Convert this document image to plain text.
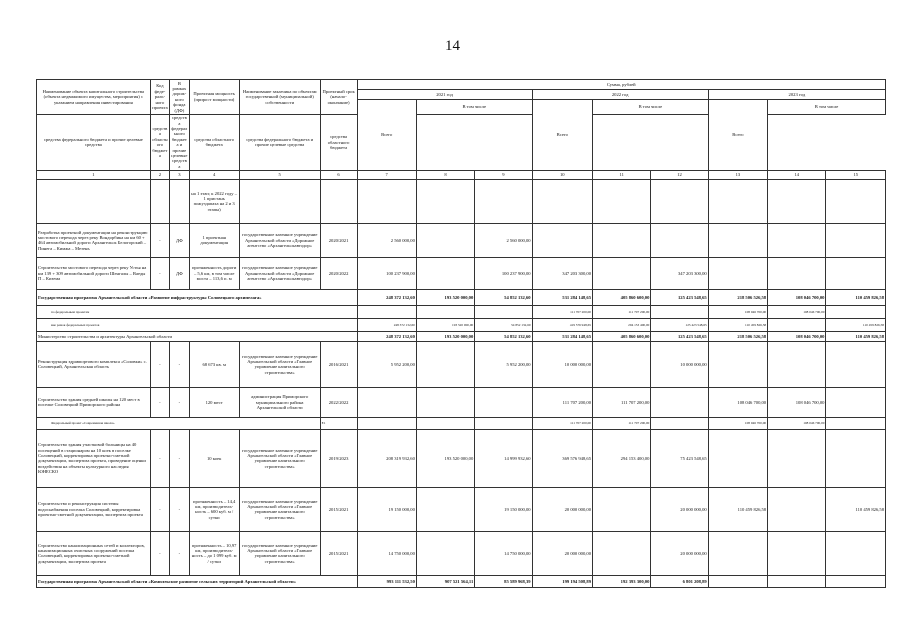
14
Наименование объекта капитального строительства (объекта недвижимого имущества, мероприятия) с указанием направления инвестирования	Код феде-раль-ного проекта	В рамках дорож-ного фонда (ДФ)	Проектная мощность (прирост мощности)	Наименование заказчика по объектам государственной (муниципальной) собственности	Проектный срок (начало-окончание)	Сумма, рублей								
						2021 год			2022 год			2023 год		
						Всего	В том числе		Всего	В том числе		Всего	В том числе	
средства федерального бюджета и прочие целевые средства	средства областного бюджета	средства федерального бюджета и прочие целевые средства	средства областного бюджета	средства федерального бюджета и прочие целевые средства	средства областного бюджета									
1	2	3	4	5	6	7	8	9	10	11	12	13	14	15
			на 1 этап; к 2022 году – 1 пристань пожуздапаха на 2 и 3 этапы)											
Разработка проектной документации на реконструкцию мостового перехода через реку Вондорбика на км 60 + 464 автомобильной дороги Архангельск Белогорский – Пинега – Кимжа – Мезень	-	ДФ	1 проектная документация	государственное казенное учреждение Архангельской области «Дорожное агентство «Архангельскавтодор»	2020/2021	2 560 000,00		2 560 000,00						
Строительство мостового перехода через реку Устья на км 139 + 309 автомобильной дороги Шенгалы – Ваеды П – Кизема	-	ДФ	протяженность дороги – 5,6 км, в том числе моста – 113,6 п. м	государственное казенное учреждение Архангельской области «Дорожное агентство «Архангельскавтодор»	2020/2022	100 237 900,00		100 237 900,00	347 203 300,00		347 203 300,00			
Государственная программа Архангельской области «Развитие инфраструктуры Соловецкого архипелага»						248 372 132,60	193 520 000,00	54 852 132,60	531 284 148,65	405 860 600,00	125 423 548,65	218 506 526,58	108 046 700,00	110 459 826,58
по федеральным проектам									111 707 200,00	111 707 200,00		108 046 700,00	108 046 700,00	
вне рамок федеральных проектов						248 372 132,60	193 520 000,00	54 852 132,60	419 576 948,65	294 153 400,00	125 423 548,65	110 459 826,58		110 459 826,58
Министерство строительства и архитектуры Архангельской области						248 372 132,60	193 520 000,00	54 852 132,60	531 284 148,65	405 860 600,00	125 423 548,65	218 506 526,58	108 046 700,00	110 459 826,58
Реконструкция здравпортового комплекса «Соловки» с. Соловецкий, Архангельская область	-	-	68 673 кв. м	государственное казенное учреждение Архангельской области «Главное управление капитального строительства»	2016/2021	5 952 200,00		5 952 200,00	10 000 000,00		10 000 000,00			
Строительство здания средней школы на 120 мест в поселке Соловецкий Приморского района	-	-	120 мест	администрация Приморского муниципального района Архангельской области	2022/2022				111 707 200,00	111 707 200,00		108 046 700,00	108 046 700,00	
Федеральный проект «Современная школа»					Е1				111 707 200,00	111 707 200,00		108 046 700,00	108 046 700,00	
Строительство здания участковой больницы на 40 посещений в стационаром на 10 коек в поселке Соловецкий, корректировка проектно-сметной документации, экспертиза проекта, проведение оценки воздействия на объекты культурного наследия ЮНЕСКО	-	-	10 коек	государственное казенное учреждение Архангельской области «Главное управление капитального строительства»	2019/2023	208 319 932,60	193 520 000,00	14 999 932,60	369 576 948,65	294 153 400,00	75 423 548,65			
Строительство и реконструкция системы водоснабжения поселка Соловецкий, корректировка проектно-сметной документации, экспертиза проекта	-	-	протяженность – 14,4 км, производитель-ность – 600 куб. м / сутки	государственное казенное учреждение Архангельской области «Главное управление капитального строительства»	2015/2021	19 150 000,00		19 150 000,00	20 000 000,00		20 000 000,00	110 459 826,58		110 459 826,58
Строительство канализационных сетей и коллекторов, канализационных очистных сооружений поселка Соловецкий, корректировка проектно-сметной документации, экспертиза проекта	-	-	протяженность – 10,97 км, производитель-ность – до 1 099 куб. м / сутки	государственное казенное учреждение Архангельской области «Главное управление капитального строительства»	2015/2021	14 750 000,00		14 750 000,00	20 000 000,00		20 000 000,00			
Государственная программа Архангельской области «Комплексное развитие сельских территорий Архангельской области»						993 111 532,50	907 521 564,11	85 589 968,39	199 194 508,89	192 393 300,00	6 801 208,89			
